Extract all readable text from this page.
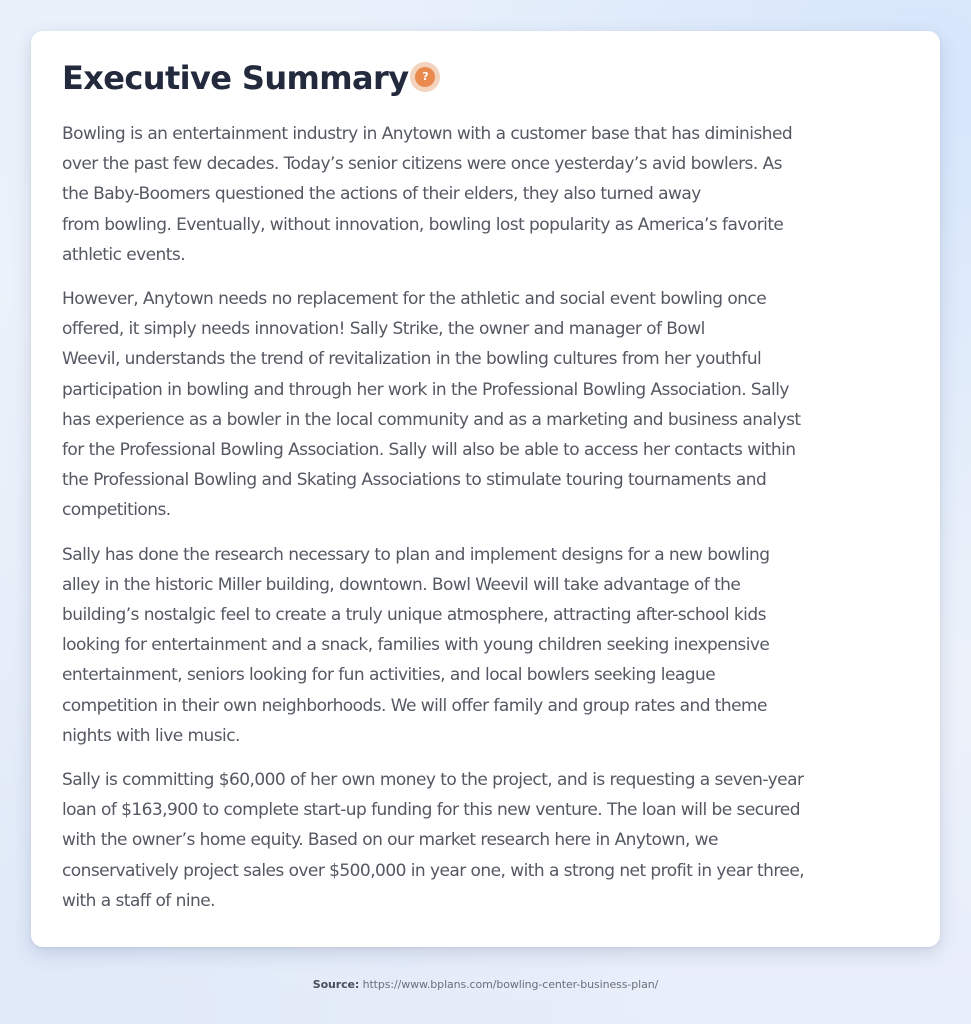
Executive Summary	?

Bowling is an entertainment industry in Anytown with a customer base that has diminished
over the past few decades. Today’s senior citizens were once yesterday’s avid bowlers. As
the Baby-Boomers questioned the actions of their elders, they also turned away
from bowling. Eventually, without innovation, bowling lost popularity as America’s favorite
athletic events.

However, Anytown needs no replacement for the athletic and social event bowling once
offered, it simply needs innovation! Sally Strike, the owner and manager of Bowl
Weevil, understands the trend of revitalization in the bowling cultures from her youthful
participation in bowling and through her work in the Professional Bowling Association. Sally
has experience as a bowler in the local community and as a marketing and business analyst
for the Professional Bowling Association. Sally will also be able to access her contacts within
the Professional Bowling and Skating Associations to stimulate touring tournaments and
competitions.

Sally has done the research necessary to plan and implement designs for a new bowling
alley in the historic Miller building, downtown. Bowl Weevil will take advantage of the
building’s nostalgic feel to create a truly unique atmosphere, attracting after-school kids
looking for entertainment and a snack, families with young children seeking inexpensive
entertainment, seniors looking for fun activities, and local bowlers seeking league
competition in their own neighborhoods. We will offer family and group rates and theme
nights with live music.

Sally is committing $60,000 of her own money to the project, and is requesting a seven-year
loan of $163,900 to complete start-up funding for this new venture. The loan will be secured
with the owner’s home equity. Based on our market research here in Anytown, we
conservatively project sales over $500,000 in year one, with a strong net profit in year three,
with a staff of nine.

Source: https://www.bplans.com/bowling-center-business-plan/
